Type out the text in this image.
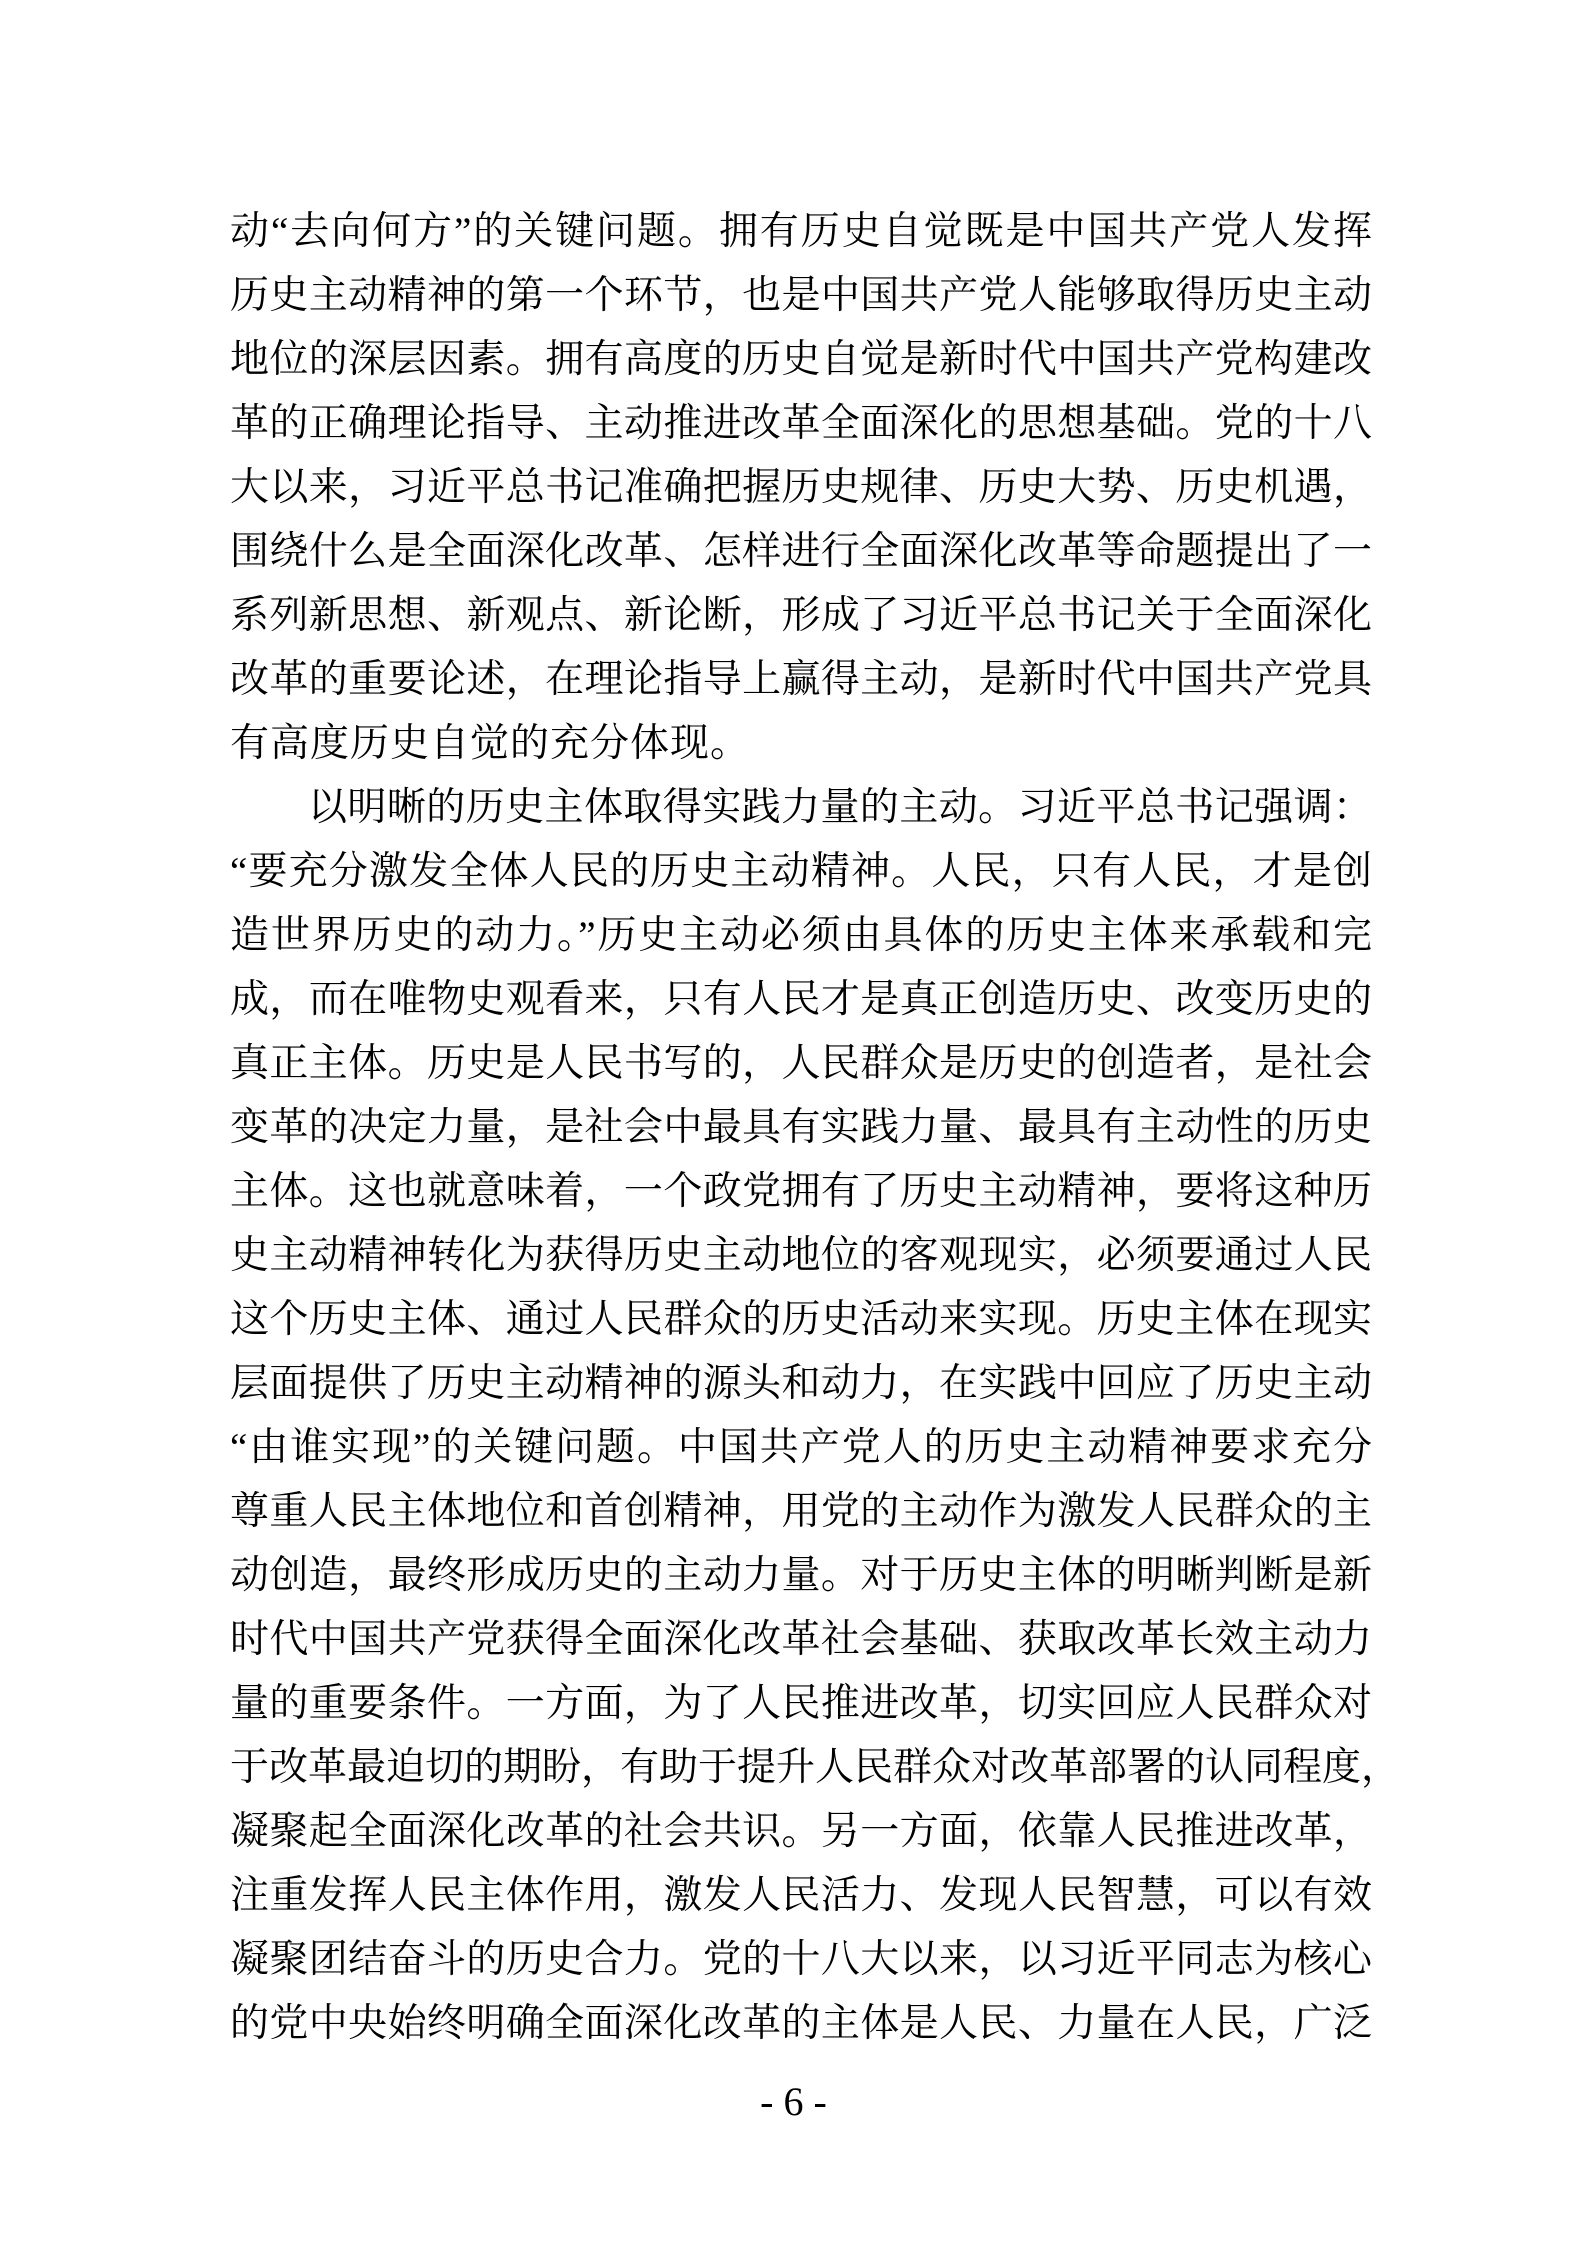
动“去向何方”的关键问题。拥有历史自觉既是中国共产党人发挥
历史主动精神的第一个环节，也是中国共产党人能够取得历史主动
地位的深层因素。拥有高度的历史自觉是新时代中国共产党构建改
革的正确理论指导、主动推进改革全面深化的思想基础。党的十八
大以来，习近平总书记准确把握历史规律、历史大势、历史机遇，
围绕什么是全面深化改革、怎样进行全面深化改革等命题提出了一
系列新思想、新观点、新论断，形成了习近平总书记关于全面深化
改革的重要论述，在理论指导上赢得主动，是新时代中国共产党具
有高度历史自觉的充分体现。
以明晰的历史主体取得实践力量的主动。习近平总书记强调：
“要充分激发全体人民的历史主动精神。人民，只有人民，才是创
造世界历史的动力。”历史主动必须由具体的历史主体来承载和完
成，而在唯物史观看来，只有人民才是真正创造历史、改变历史的
真正主体。历史是人民书写的，人民群众是历史的创造者，是社会
变革的决定力量，是社会中最具有实践力量、最具有主动性的历史
主体。这也就意味着，一个政党拥有了历史主动精神，要将这种历
史主动精神转化为获得历史主动地位的客观现实，必须要通过人民
这个历史主体、通过人民群众的历史活动来实现。历史主体在现实
层面提供了历史主动精神的源头和动力，在实践中回应了历史主动
“由谁实现”的关键问题。中国共产党人的历史主动精神要求充分
尊重人民主体地位和首创精神，用党的主动作为激发人民群众的主
动创造，最终形成历史的主动力量。对于历史主体的明晰判断是新
时代中国共产党获得全面深化改革社会基础、获取改革长效主动力
量的重要条件。一方面，为了人民推进改革，切实回应人民群众对
于改革最迫切的期盼，有助于提升人民群众对改革部署的认同程度，
凝聚起全面深化改革的社会共识。另一方面，依靠人民推进改革，
注重发挥人民主体作用，激发人民活力、发现人民智慧，可以有效
凝聚团结奋斗的历史合力。党的十八大以来，以习近平同志为核心
的党中央始终明确全面深化改革的主体是人民、力量在人民，广泛
- 6 -
